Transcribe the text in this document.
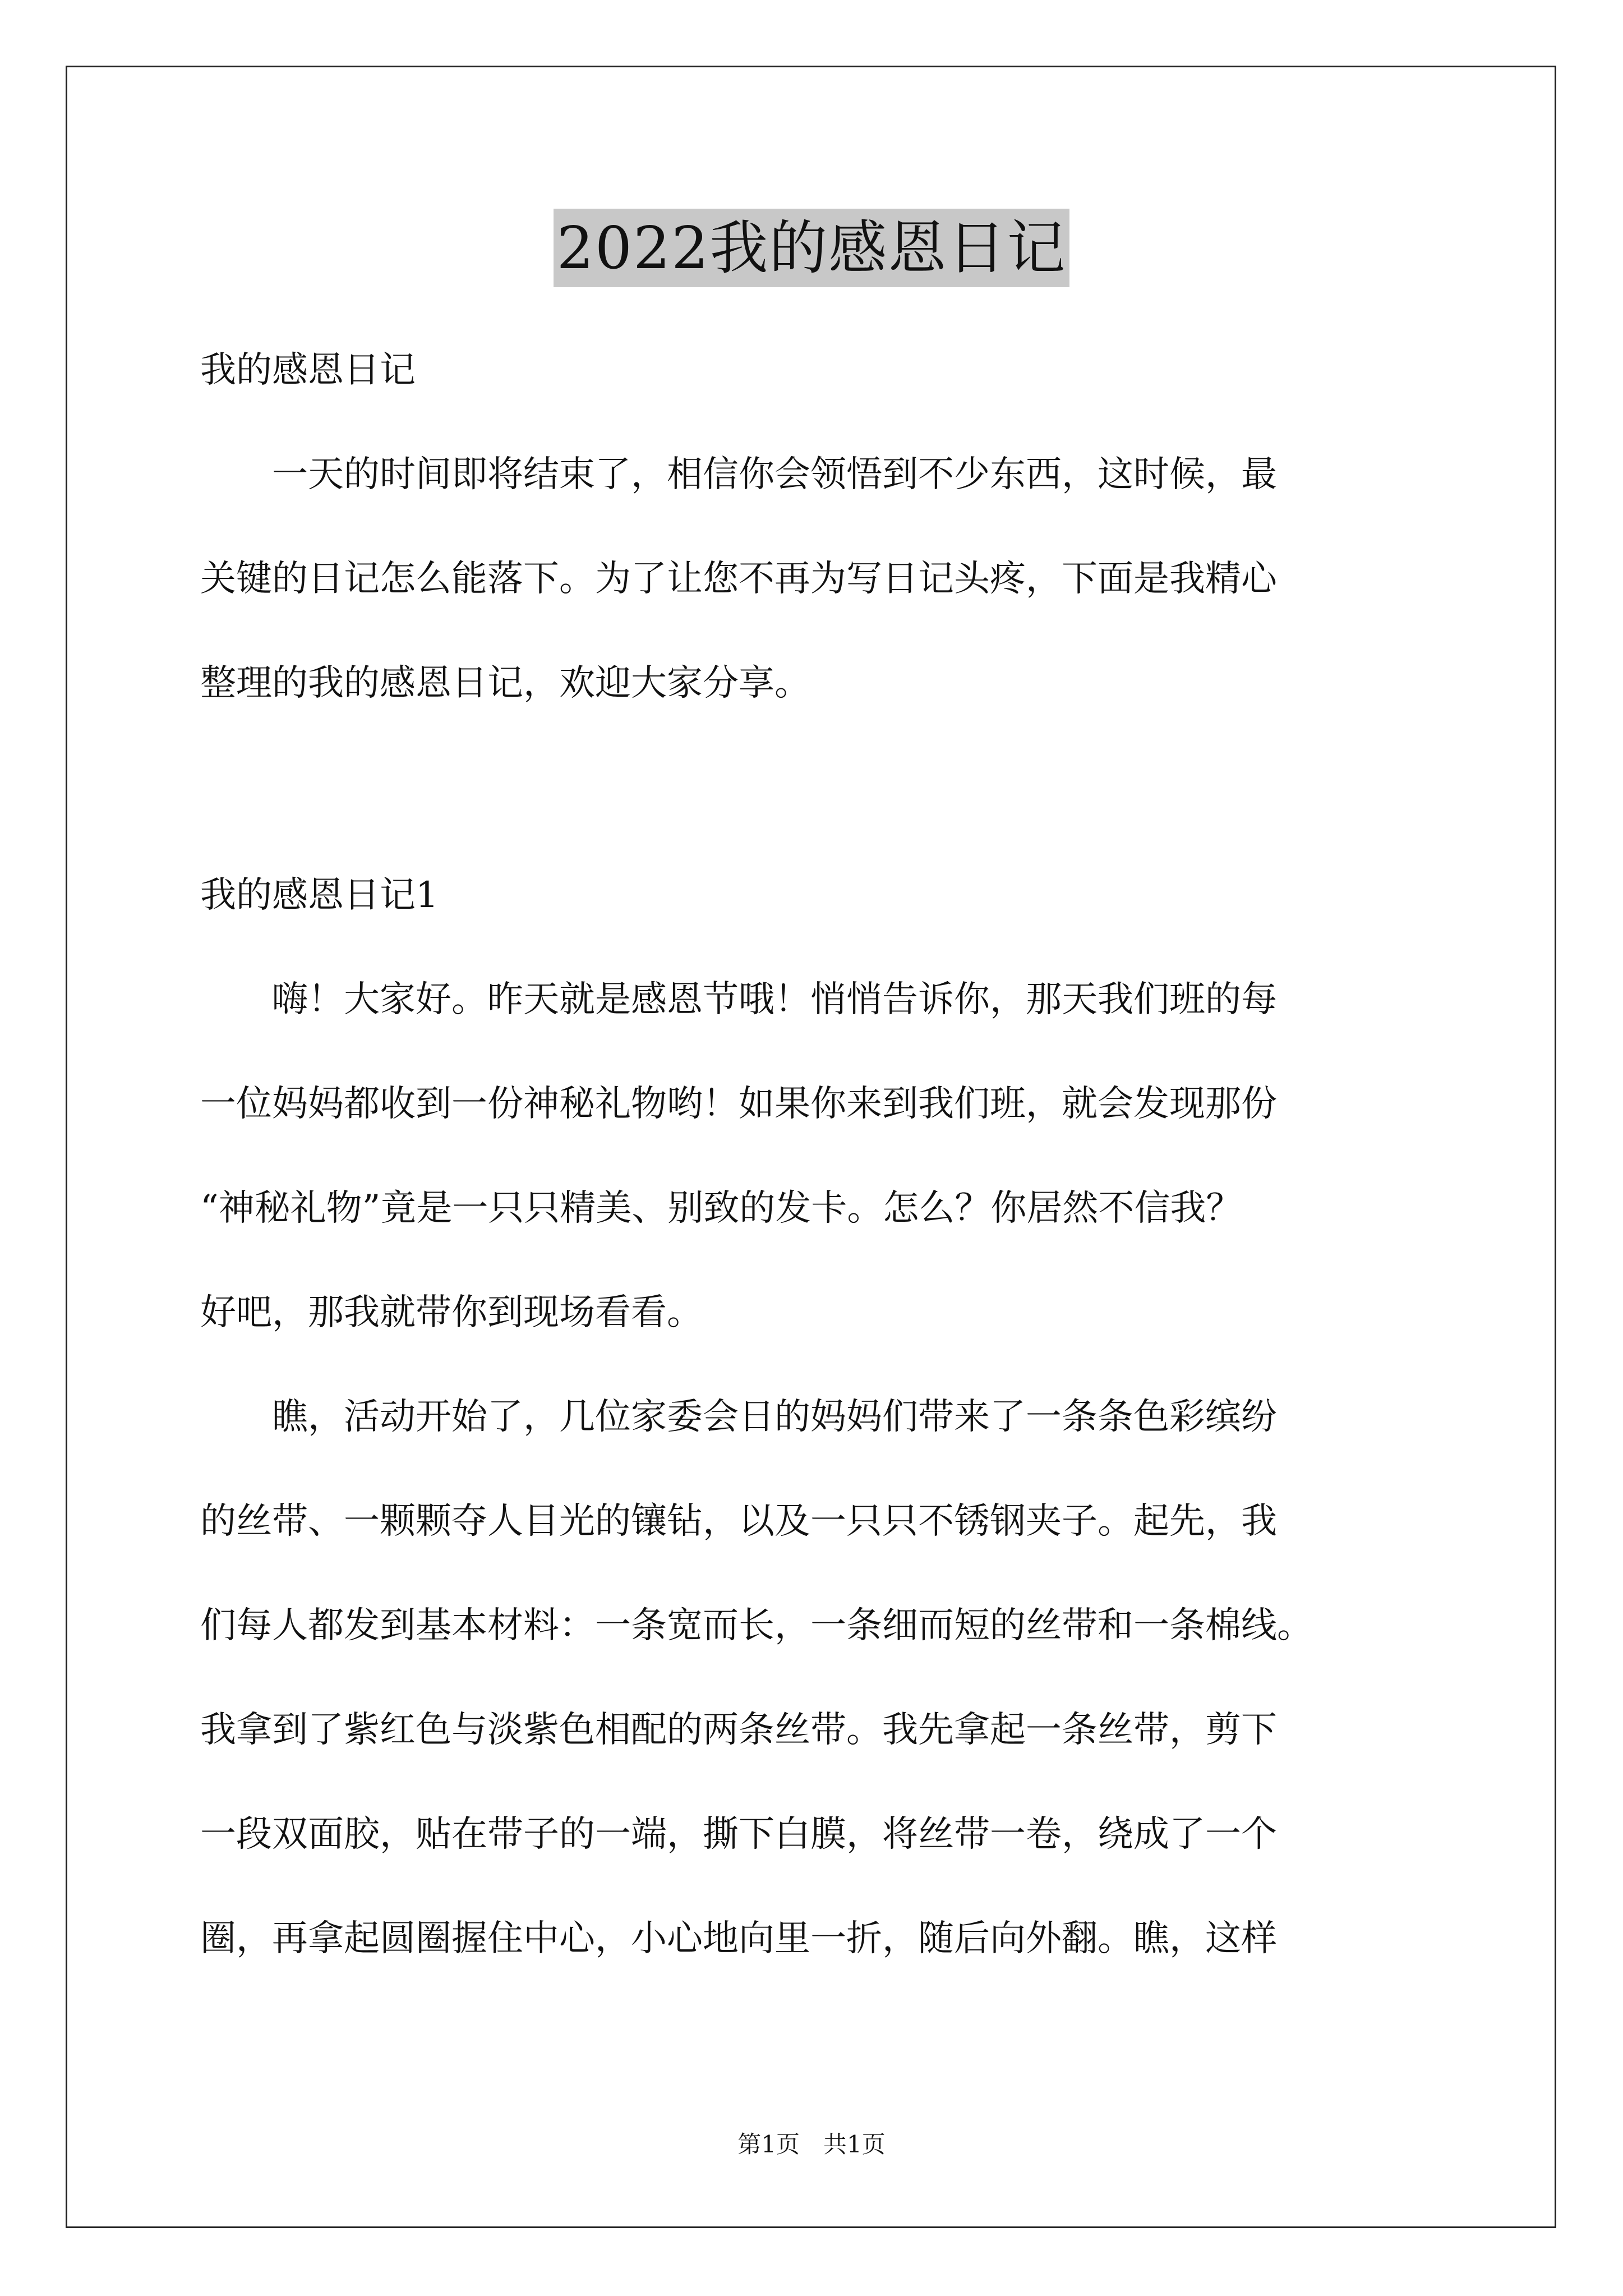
2022我的感恩日记
我的感恩日记
　　一天的时间即将结束了，相信你会领悟到不少东西，这时候，最
关键的日记怎么能落下。为了让您不再为写日记头疼，下面是我精心
整理的我的感恩日记，欢迎大家分享。
我的感恩日记1
　　嗨！大家好。昨天就是感恩节哦！悄悄告诉你，那天我们班的每
一位妈妈都收到一份神秘礼物哟！如果你来到我们班，就会发现那份
“神秘礼物”竟是一只只精美、别致的发卡。怎么？你居然不信我？
好吧，那我就带你到现场看看。
　　瞧，活动开始了，几位家委会日的妈妈们带来了一条条色彩缤纷
的丝带、一颗颗夺人目光的镶钻，以及一只只不锈钢夹子。起先，我
们每人都发到基本材料：一条宽而长，一条细而短的丝带和一条棉线。
我拿到了紫红色与淡紫色相配的两条丝带。我先拿起一条丝带，剪下
一段双面胶，贴在带子的一端，撕下白膜，将丝带一卷，绕成了一个
圈，再拿起圆圈握住中心，小心地向里一折，随后向外翻。瞧，这样
第1页　共1页
